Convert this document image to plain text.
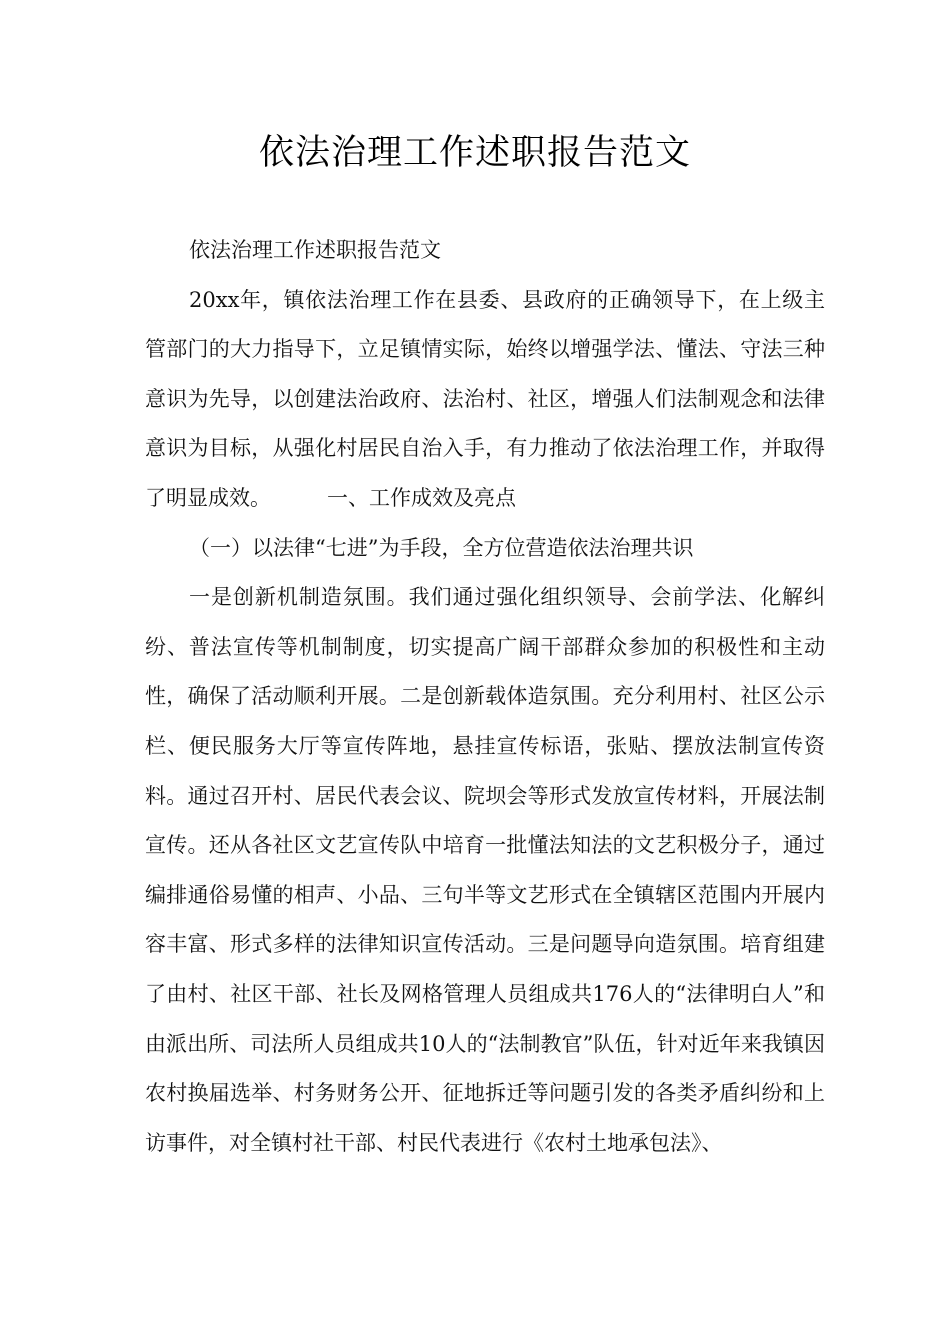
依法治理工作述职报告范文

依法治理工作述职报告范文

20xx年，镇依法治理工作在县委、县政府的正确领导下，在上级主管部门的大力指导下，立足镇情实际，始终以增强学法、懂法、守法三种意识为先导，以创建法治政府、法治村、社区，增强人们法制观念和法律意识为目标，从强化村居民自治入手，有力推动了依法治理工作，并取得了明显成效。	一、工作成效及亮点

（一）以法律“七进”为手段，全方位营造依法治理共识

一是创新机制造氛围。我们通过强化组织领导、会前学法、化解纠纷、普法宣传等机制制度，切实提高广阔干部群众参加的积极性和主动性，确保了活动顺利开展。二是创新载体造氛围。充分利用村、社区公示栏、便民服务大厅等宣传阵地，悬挂宣传标语，张贴、摆放法制宣传资料。通过召开村、居民代表会议、院坝会等形式发放宣传材料，开展法制宣传。还从各社区文艺宣传队中培育一批懂法知法的文艺积极分子，通过编排通俗易懂的相声、小品、三句半等文艺形式在全镇辖区范围内开展内容丰富、形式多样的法律知识宣传活动。三是问题导向造氛围。培育组建了由村、社区干部、社长及网格管理人员组成共176人的“法律明白人”和由派出所、司法所人员组成共10人的“法制教官”队伍，针对近年来我镇因农村换届选举、村务财务公开、征地拆迁等问题引发的各类矛盾纠纷和上访事件，对全镇村社干部、村民代表进行《农村土地承包法》、
